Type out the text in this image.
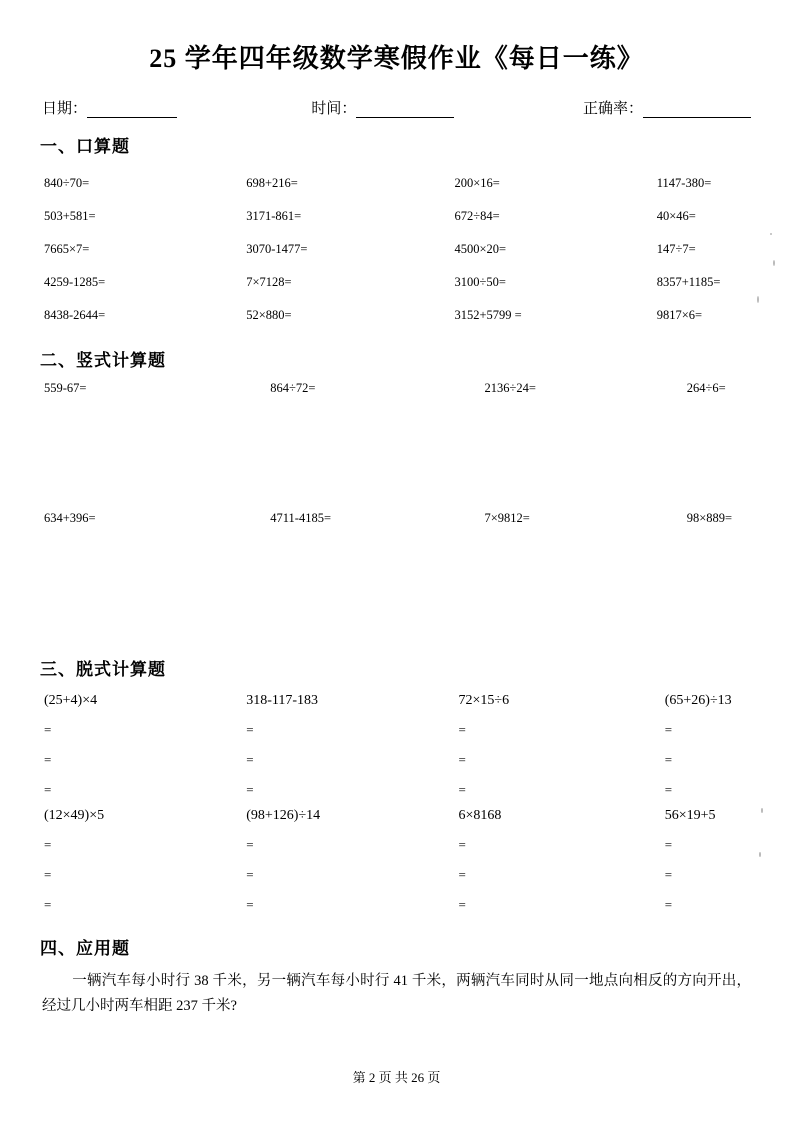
25 学年四年级数学寒假作业《每日一练》
日期：	时间：	正确率：
一、口算题
840÷70=	698+216=	200×16=	1147-380=
503+581=	3171-861=	672÷84=	40×46=
7665×7=	3070-1477=	4500×20=	147÷7=
4259-1285=	7×7128=	3100÷50=	8357+1185=
8438-2644=	52×880=	3152+5799 =	9817×6=
二、竖式计算题
559-67=	864÷72=	2136÷24=	264÷6=
634+396=	4711-4185=	7×9812=	98×889=
三、脱式计算题
(25+4)×4	318-117-183	72×15÷6	(65+26)÷13
=	=	=	=
=	=	=	=
=	=	=	=
(12×49)×5	(98+126)÷14	6×8168	56×19+5
=	=	=	=
=	=	=	=
=	=	=	=
四、应用题
一辆汽车每小时行 38 千米，另一辆汽车每小时行 41 千米，两辆汽车同时从同一地点向相反的方向开出，经过几小时两车相距 237 千米?
第 2 页 共 26 页
